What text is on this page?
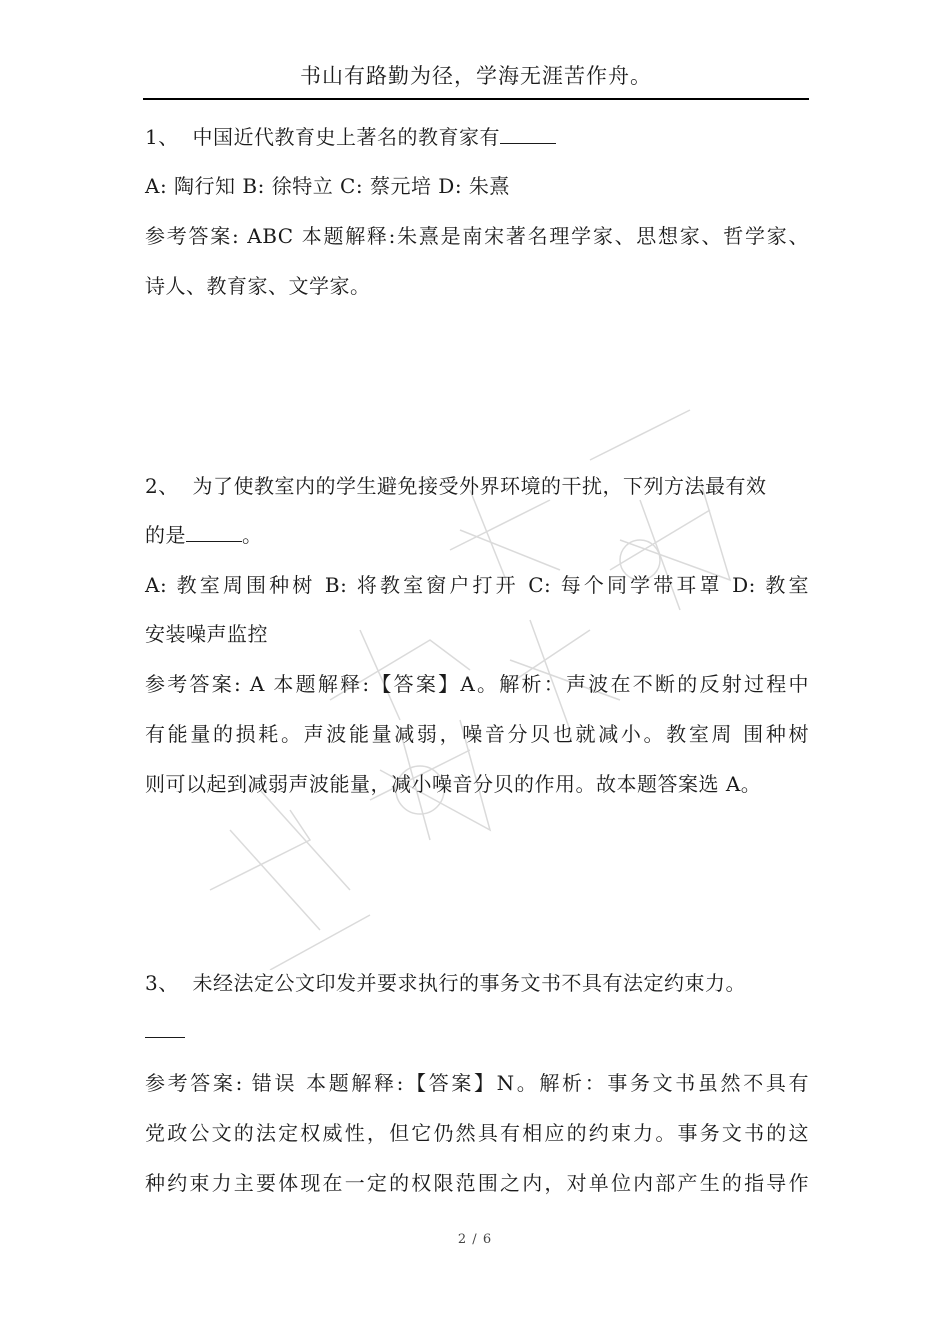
书山有路勤为径，学海无涯苦作舟。
1、 中国近代教育史上著名的教育家有
A: 陶行知 B: 徐特立 C: 蔡元培 D: 朱熹
参考答案: ABC 本题解释:朱熹是南宋著名理学家、思想家、哲学家、
诗人、教育家、文学家。
2、 为了使教室内的学生避免接受外界环境的干扰，下列方法最有效
的是	。
A: 教室周围种树 B: 将教室窗户打开 C: 每个同学带耳罩 D: 教室
安装噪声监控
参考答案: A 本题解释:【答案】A。解析：声波在不断的反射过程中
有能量的损耗。声波能量减弱，噪音分贝也就减小。教室周 围种树
则可以起到减弱声波能量，减小噪音分贝的作用。故本题答案选 A。
3、 未经法定公文印发并要求执行的事务文书不具有法定约束力。
参考答案: 错误 本题解释:【答案】N。解析：事务文书虽然不具有
党政公文的法定权威性，但它仍然具有相应的约束力。事务文书的这
种约束力主要体现在一定的权限范围之内，对单位内部产生的指导作
2 / 6
